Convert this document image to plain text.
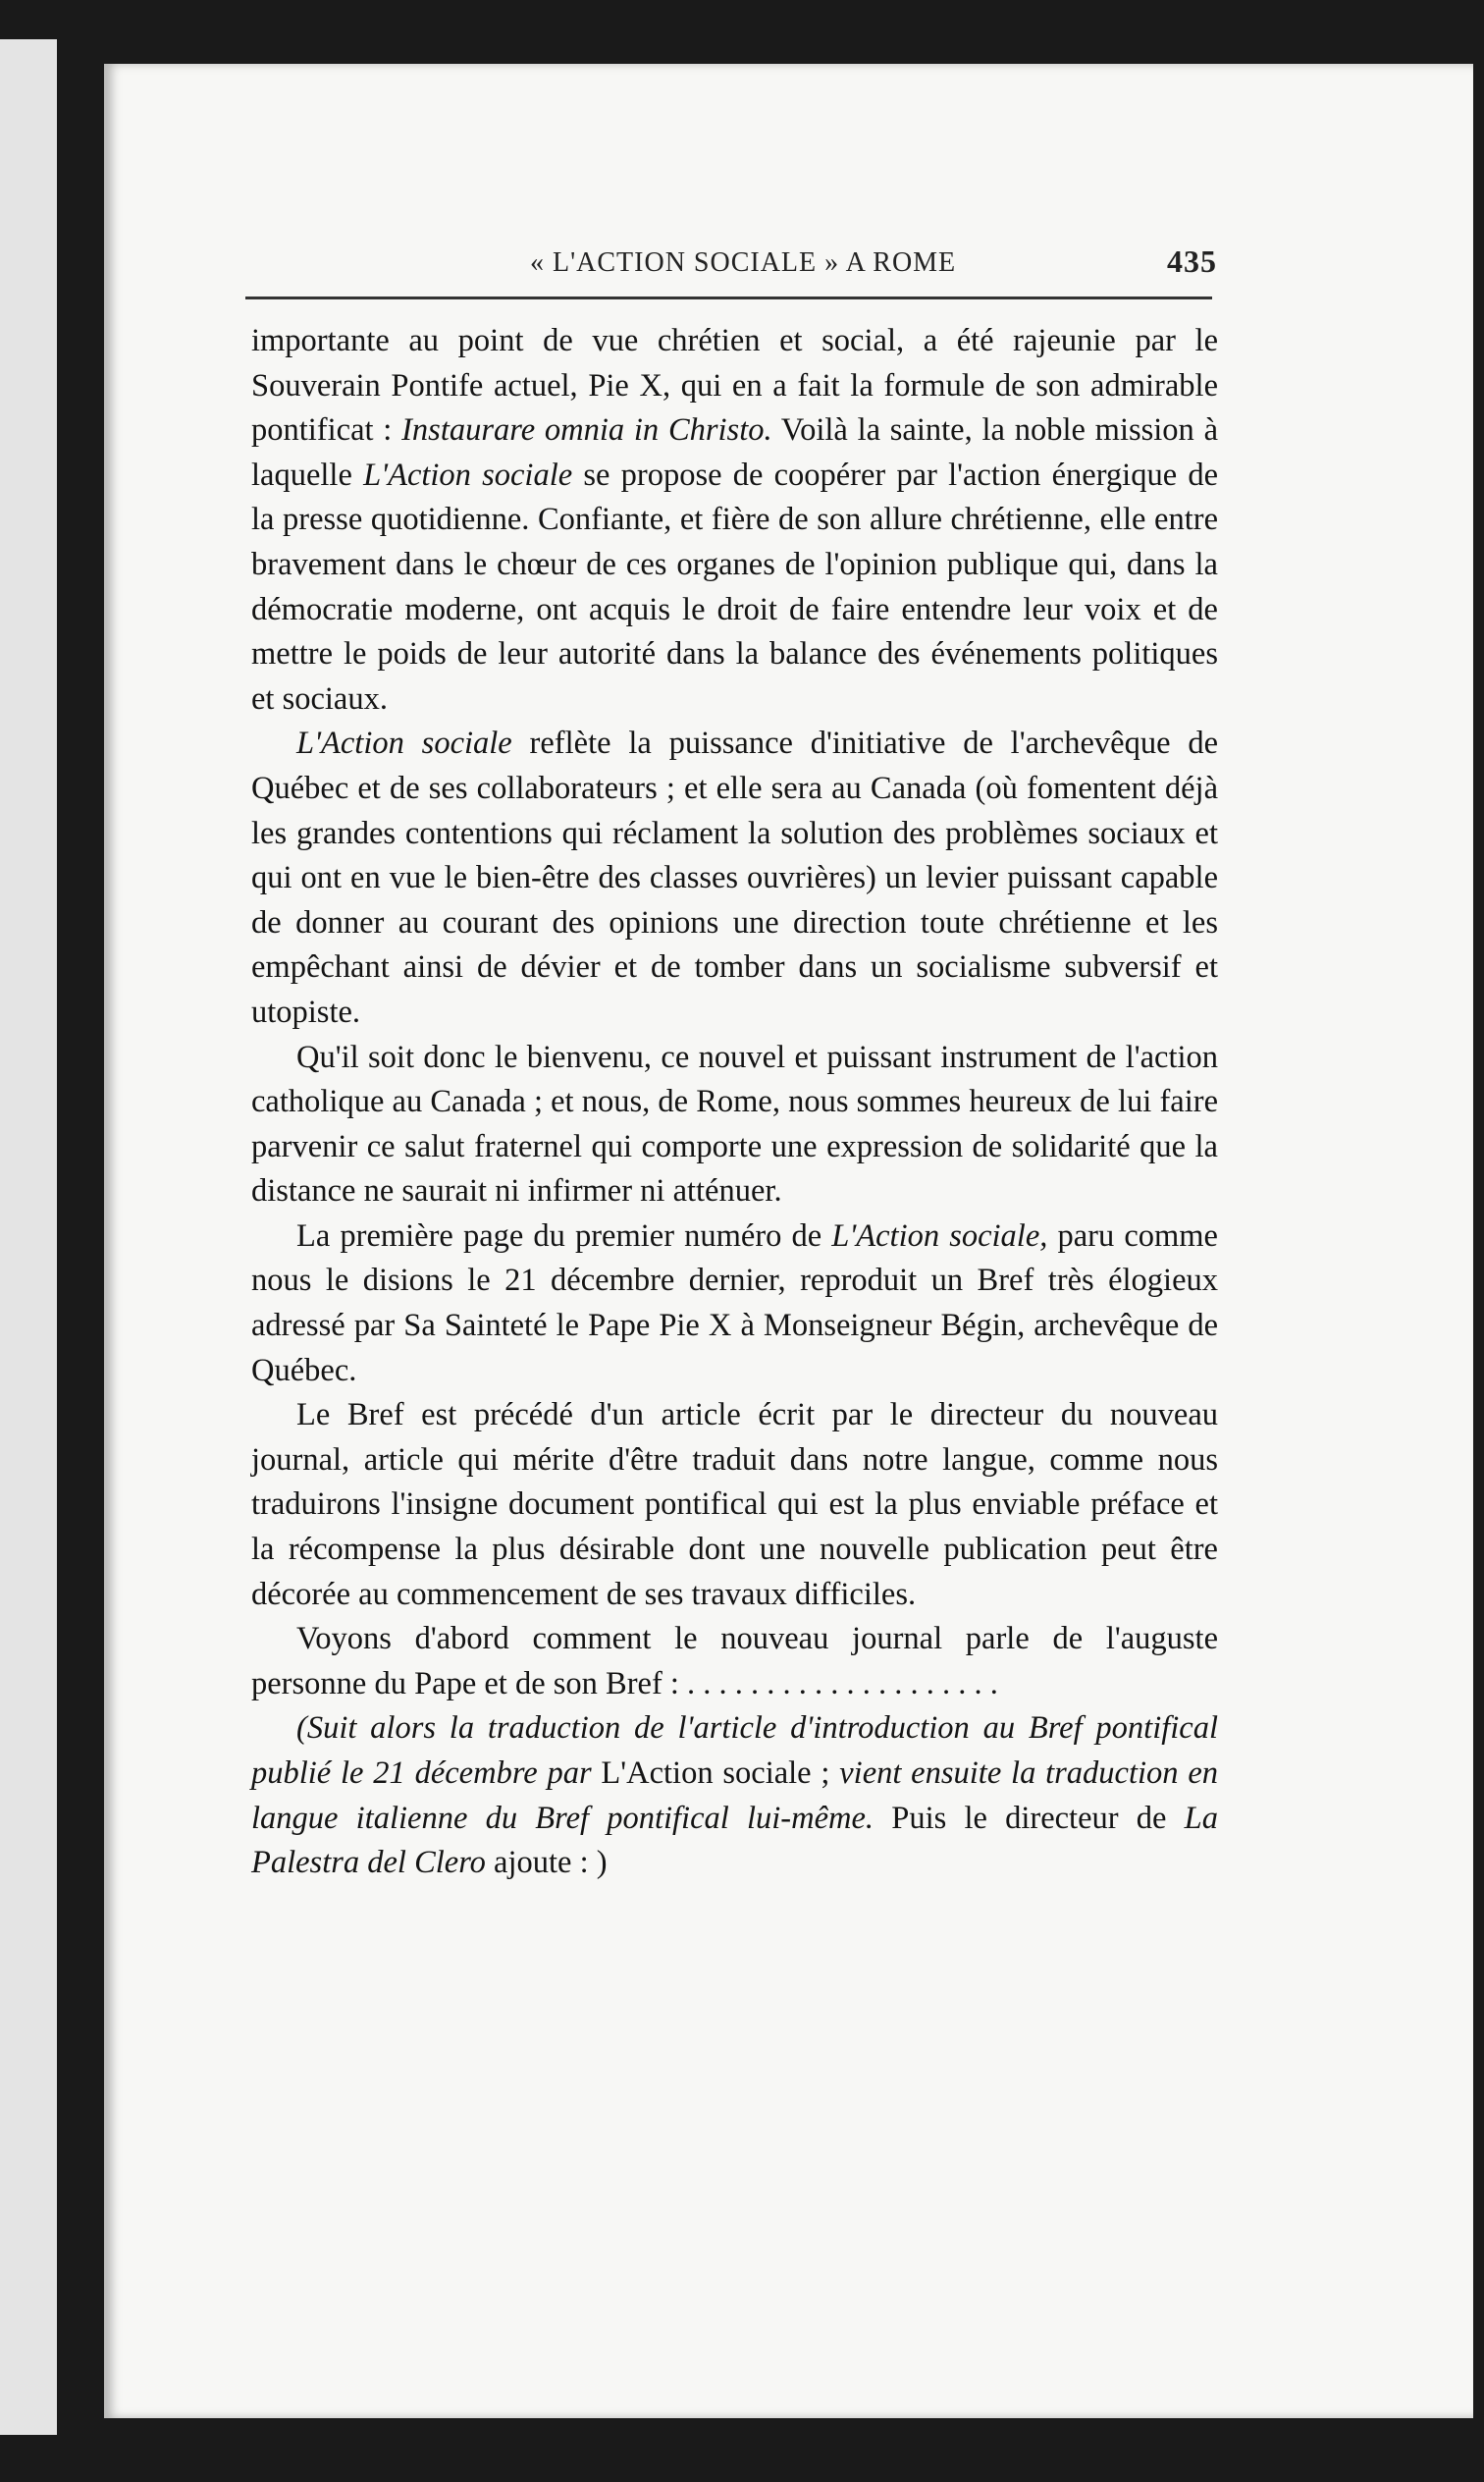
« L'ACTION SOCIALE » A ROME	435

importante au point de vue chrétien et social, a été rajeunie par le Souverain Pontife actuel, Pie X, qui en a fait la formule de son admirable pontificat : Instaurare omnia in Christo. Voilà la sainte, la noble mission à laquelle L'Action sociale se propose de coopérer par l'action énergique de la presse quotidienne. Confiante, et fière de son allure chrétienne, elle entre bravement dans le chœur de ces organes de l'opinion publique qui, dans la démocratie moderne, ont acquis le droit de faire entendre leur voix et de mettre le poids de leur autorité dans la balance des événements politiques et sociaux.

L'Action sociale reflète la puissance d'initiative de l'archevêque de Québec et de ses collaborateurs ; et elle sera au Canada (où fomentent déjà les grandes contentions qui réclament la solution des problèmes sociaux et qui ont en vue le bien-être des classes ouvrières) un levier puissant capable de donner au courant des opinions une direction toute chrétienne et les empêchant ainsi de dévier et de tomber dans un socialisme subversif et utopiste.

Qu'il soit donc le bienvenu, ce nouvel et puissant instrument de l'action catholique au Canada ; et nous, de Rome, nous sommes heureux de lui faire parvenir ce salut fraternel qui comporte une expression de solidarité que la distance ne saurait ni infirmer ni atténuer.

La première page du premier numéro de L'Action sociale, paru comme nous le disions le 21 décembre dernier, reproduit un Bref très élogieux adressé par Sa Sainteté le Pape Pie X à Monseigneur Bégin, archevêque de Québec.

Le Bref est précédé d'un article écrit par le directeur du nouveau journal, article qui mérite d'être traduit dans notre langue, comme nous traduirons l'insigne document pontifical qui est la plus enviable préface et la récompense la plus désirable dont une nouvelle publication peut être décorée au commencement de ses travaux difficiles.

Voyons d'abord comment le nouveau journal parle de l'auguste personne du Pape et de son Bref : . . . . . . . . . . . . . . . . . . . .

(Suit alors la traduction de l'article d'introduction au Bref pontifical publié le 21 décembre par L'Action sociale ; vient ensuite la traduction en langue italienne du Bref pontifical lui-même. Puis le directeur de La Palestra del Clero ajoute : )
